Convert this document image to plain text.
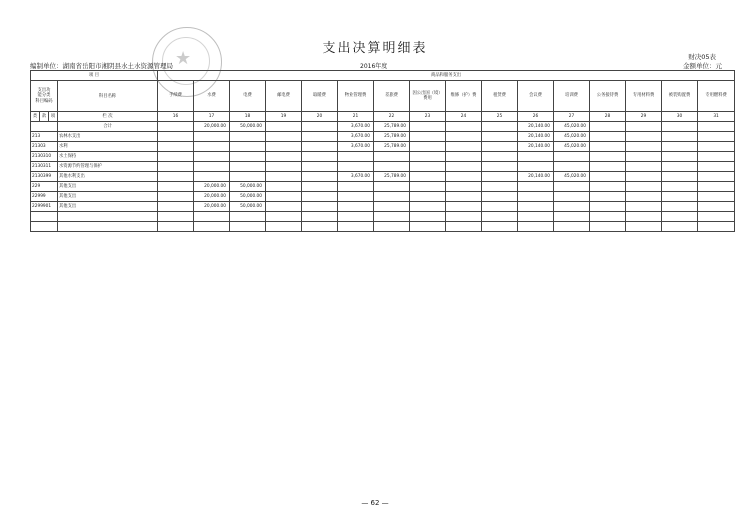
★	支出决算明细表
财决05表
编制单位：湖南省岳阳市湘阴县水土水资源管理局	2016年度	金额单位：元
项 目				商品和服务支出															

支出功
能分类
科目编码			科目名称	手续费	水费	电费	邮电费	取暖费	物业管理费	差旅费	因公出国（境）费用	维修（护）费	租赁费	会议费	培训费	公务接待费	专用材料费	被装购置费	专用燃料费
类	款	项	栏 次	16	17	18	19	20	21	22	23	24	25	26	27	28	29	30	31
			合计		20,000.00	50,000.00			3,670.00	25,789.00				20,140.00	45,020.00				
213			农林水支出						3,670.00	25,789.00				20,140.00	45,020.00				
21303			水利						3,670.00	25,789.00				20,140.00	45,020.00				
2130310			水土保持																
2130311			水资源节约管理与保护																
2130399			其他水利支出						3,670.00	25,789.00				20,140.00	45,020.00				
229			其他支出		20,000.00	50,000.00													
22999			其他支出		20,000.00	50,000.00													
2299901			其他支出		20,000.00	50,000.00													

— 62 —
